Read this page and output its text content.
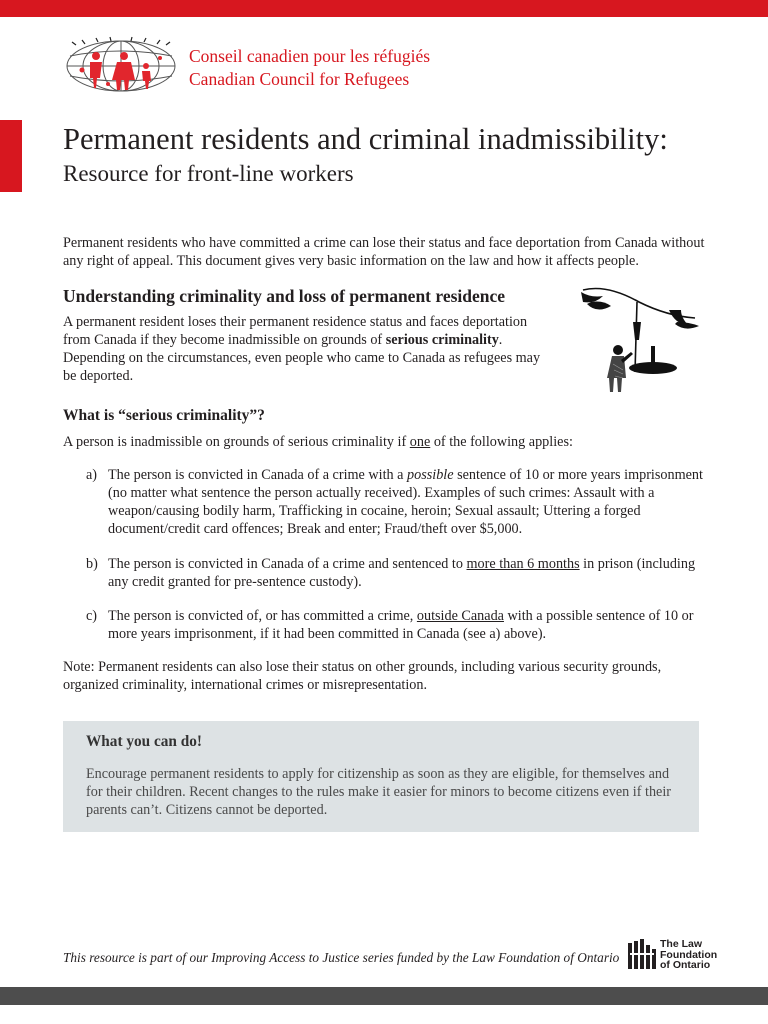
Conseil canadien pour les réfugiés
Canadian Council for Refugees
Permanent residents and criminal inadmissibility:
Resource for front-line workers

Permanent residents who have committed a crime can lose their status and face deportation from Canada without any right of appeal. This document gives very basic information on the law and how it affects people.

Understanding criminality and loss of permanent residence

A permanent resident loses their permanent residence status and faces deportation from Canada if they become inadmissible on grounds of serious criminality. Depending on the circumstances, even people who came to Canada as refugees may be deported.

What is “serious criminality”?

A person is inadmissible on grounds of serious criminality if one of the following applies:

a) The person is convicted in Canada of a crime with a possible sentence of 10 or more years imprisonment (no matter what sentence the person actually received). Examples of such crimes: Assault with a weapon/causing bodily harm, Trafficking in cocaine, heroin; Sexual assault; Uttering a forged document/credit card offences; Break and enter; Fraud/theft over $5,000.
b) The person is convicted in Canada of a crime and sentenced to more than 6 months in prison (including any credit granted for pre-sentence custody).
c) The person is convicted of, or has committed a crime, outside Canada with a possible sentence of 10 or more years imprisonment, if it had been committed in Canada (see a) above).

Note: Permanent residents can also lose their status on other grounds, including various security grounds, organized criminality, international crimes or misrepresentation.

What you can do!

Encourage permanent residents to apply for citizenship as soon as they are eligible, for themselves and for their children. Recent changes to the rules make it easier for minors to become citizens even if their parents can’t. Citizens cannot be deported.

This resource is part of our Improving Access to Justice series funded by the Law Foundation of Ontario

The Law
Foundation
of Ontario
